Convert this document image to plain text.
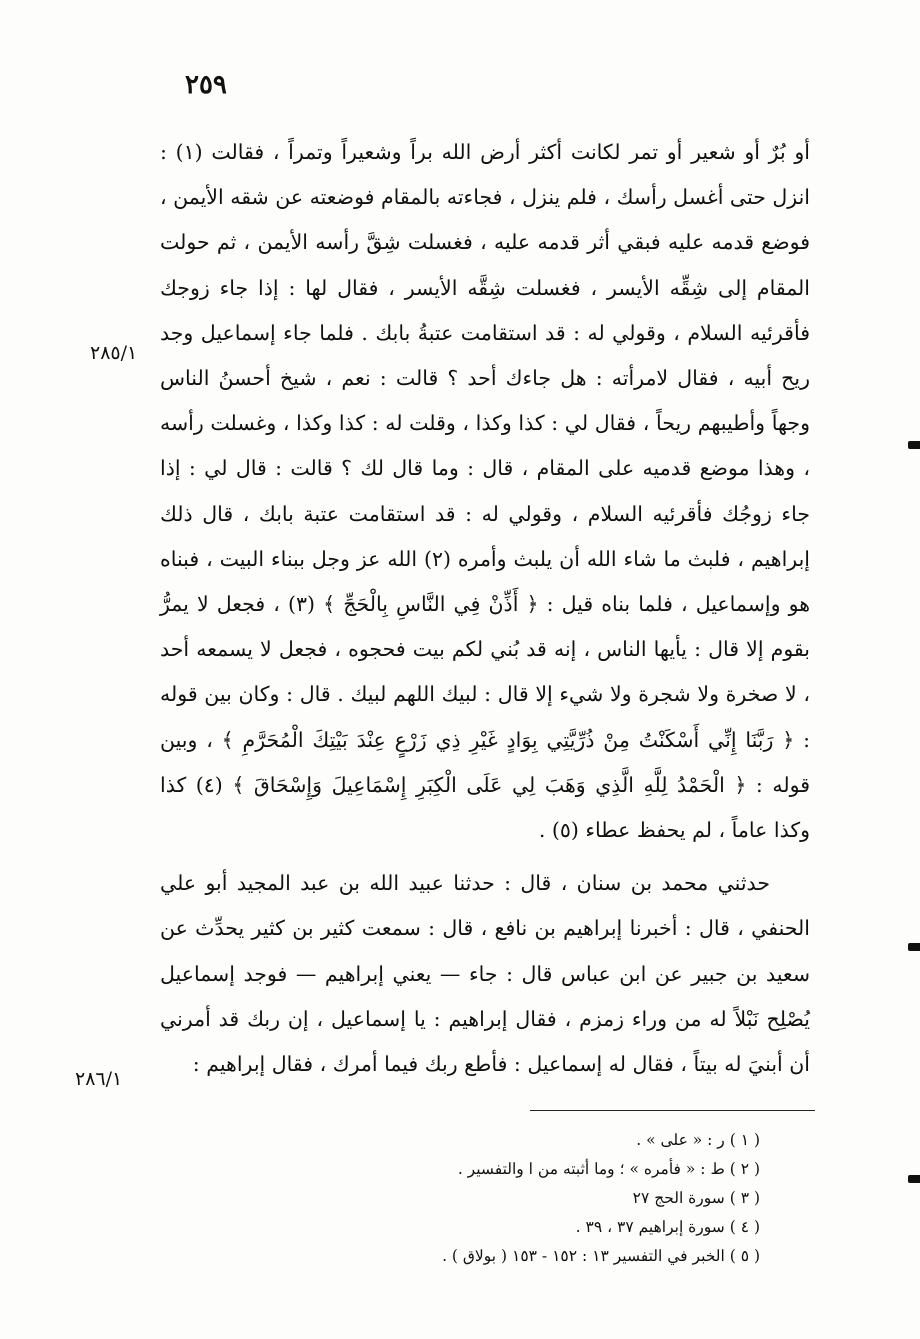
٢٥٩
٢٨٥/١
٢٨٦/١

أو بُرٌ أو شعير أو تمر لكانت أكثر أرض الله براً وشعيراً وتمراً ، فقالت (١) : انزل حتى أغسل رأسك ، فلم ينزل ، فجاءته بالمقام فوضعته عن شقه الأيمن ، فوضع قدمه عليه فبقي أثر قدمه عليه ، فغسلت شِقَّ رأسه الأيمن ، ثم حولت المقام إلى شِقِّه الأيسر ، فغسلت شِقَّه الأيسر ، فقال لها : إذا جاء زوجك فأقرئيه السلام ، وقولي له : قد استقامت عتبةُ بابك . فلما جاء إسماعيل وجد ريح أبيه ، فقال لامرأته : هل جاءك أحد ؟ قالت : نعم ، شيخ أحسنُ الناس وجهاً وأطيبهم ريحاً ، فقال لي : كذا وكذا ، وقلت له : كذا وكذا ، وغسلت رأسه ، وهذا موضع قدميه على المقام ، قال : وما قال لك ؟ قالت : قال لي : إذا جاء زوجُك فأقرئيه السلام ، وقولي له : قد استقامت عتبة بابك ، قال ذلك إبراهيم ، فلبث ما شاء الله أن يلبث وأمره (٢) الله عز وجل ببناء البيت ، فبناه هو وإسماعيل ، فلما بناه قيل : ﴿ أَذِّنْ فِي النَّاسِ بِالْحَجِّ ﴾ (٣) ، فجعل لا يمرُّ بقوم إلا قال : يأيها الناس ، إنه قد بُني لكم بيت فحجوه ، فجعل لا يسمعه أحد ، لا صخرة ولا شجرة ولا شيء إلا قال : لبيك اللهم لبيك . قال : وكان بين قوله : ﴿ رَبَّنَا إِنِّي أَسْكَنْتُ مِنْ ذُرِّيَّتِي بِوَادٍ غَيْرِ ذِي زَرْعٍ عِنْدَ بَيْتِكَ الْمُحَرَّمِ ﴾ ، وبين قوله : ﴿ الْحَمْدُ لِلَّهِ الَّذِي وَهَبَ لِي عَلَى الْكِبَرِ إِسْمَاعِيلَ وَإِسْحَاقَ ﴾ (٤) كذا وكذا عاماً ، لم يحفظ عطاء (٥) .

حدثني محمد بن سنان ، قال : حدثنا عبيد الله بن عبد المجيد أبو علي الحنفي ، قال : أخبرنا إبراهيم بن نافع ، قال : سمعت كثير بن كثير يحدِّث عن سعيد بن جبير عن ابن عباس قال : جاء — يعني إبراهيم — فوجد إسماعيل يُصْلِح نَبْلاً له من وراء زمزم ، فقال إبراهيم : يا إسماعيل ، إن ربك قد أمرني أن أبنيَ له بيتاً ، فقال له إسماعيل : فأطع ربك فيما أمرك ، فقال إبراهيم :

( ١ ) ر : « على » .
( ٢ ) ط : « فأمره » ؛ وما أثبته من ا والتفسير .
( ٣ ) سورة الحج ٢٧
( ٤ ) سورة إبراهيم ٣٧ ، ٣٩ .
( ٥ ) الخبر في التفسير ١٣ : ١٥٢ - ١٥٣ ( بولاق ) .
